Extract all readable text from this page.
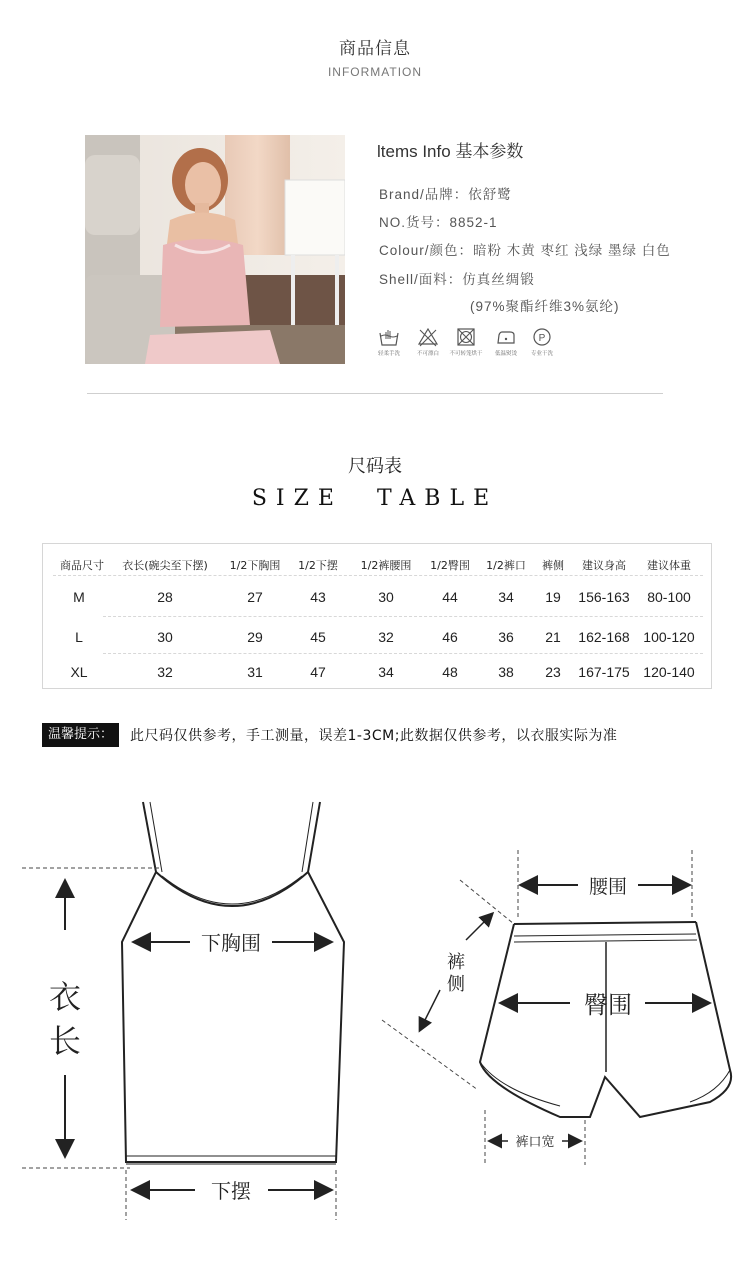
商品信息
INFORMATION
ltems Info 基本参数
Brand/品牌：依舒鹭
NO.货号：8852-1
Colour/颜色：暗粉 木黄 枣红 浅绿 墨绿 白色
Shell/面料：仿真丝绸锻
(97%聚酯纤维3%氨纶)
轻柔手洗	不可漂白	不可转笼烘干	低温熨烫
P
专业干洗
尺码表
SIZE TABLE
商品尺寸 衣长(碗尖至下摆) 1/2下胸围 1/2下摆 1/2裤腰围 1/2臀围 1/2裤口 裤侧 建议身高 建议体重
M	28	27	43	30	44	34 19 156-163 80-100
L	30	29	45	32	46	36 21 162-168 100-120
XL	32	31	47	34	48	38 23 167-175 120-140
温馨提示：	此尺码仅供参考，手工测量，误差1-3CM;此数据仅供参考，以衣服实际为准
衣
长
下胸围
下摆
腰围
臀围
裤
侧
裤口宽
